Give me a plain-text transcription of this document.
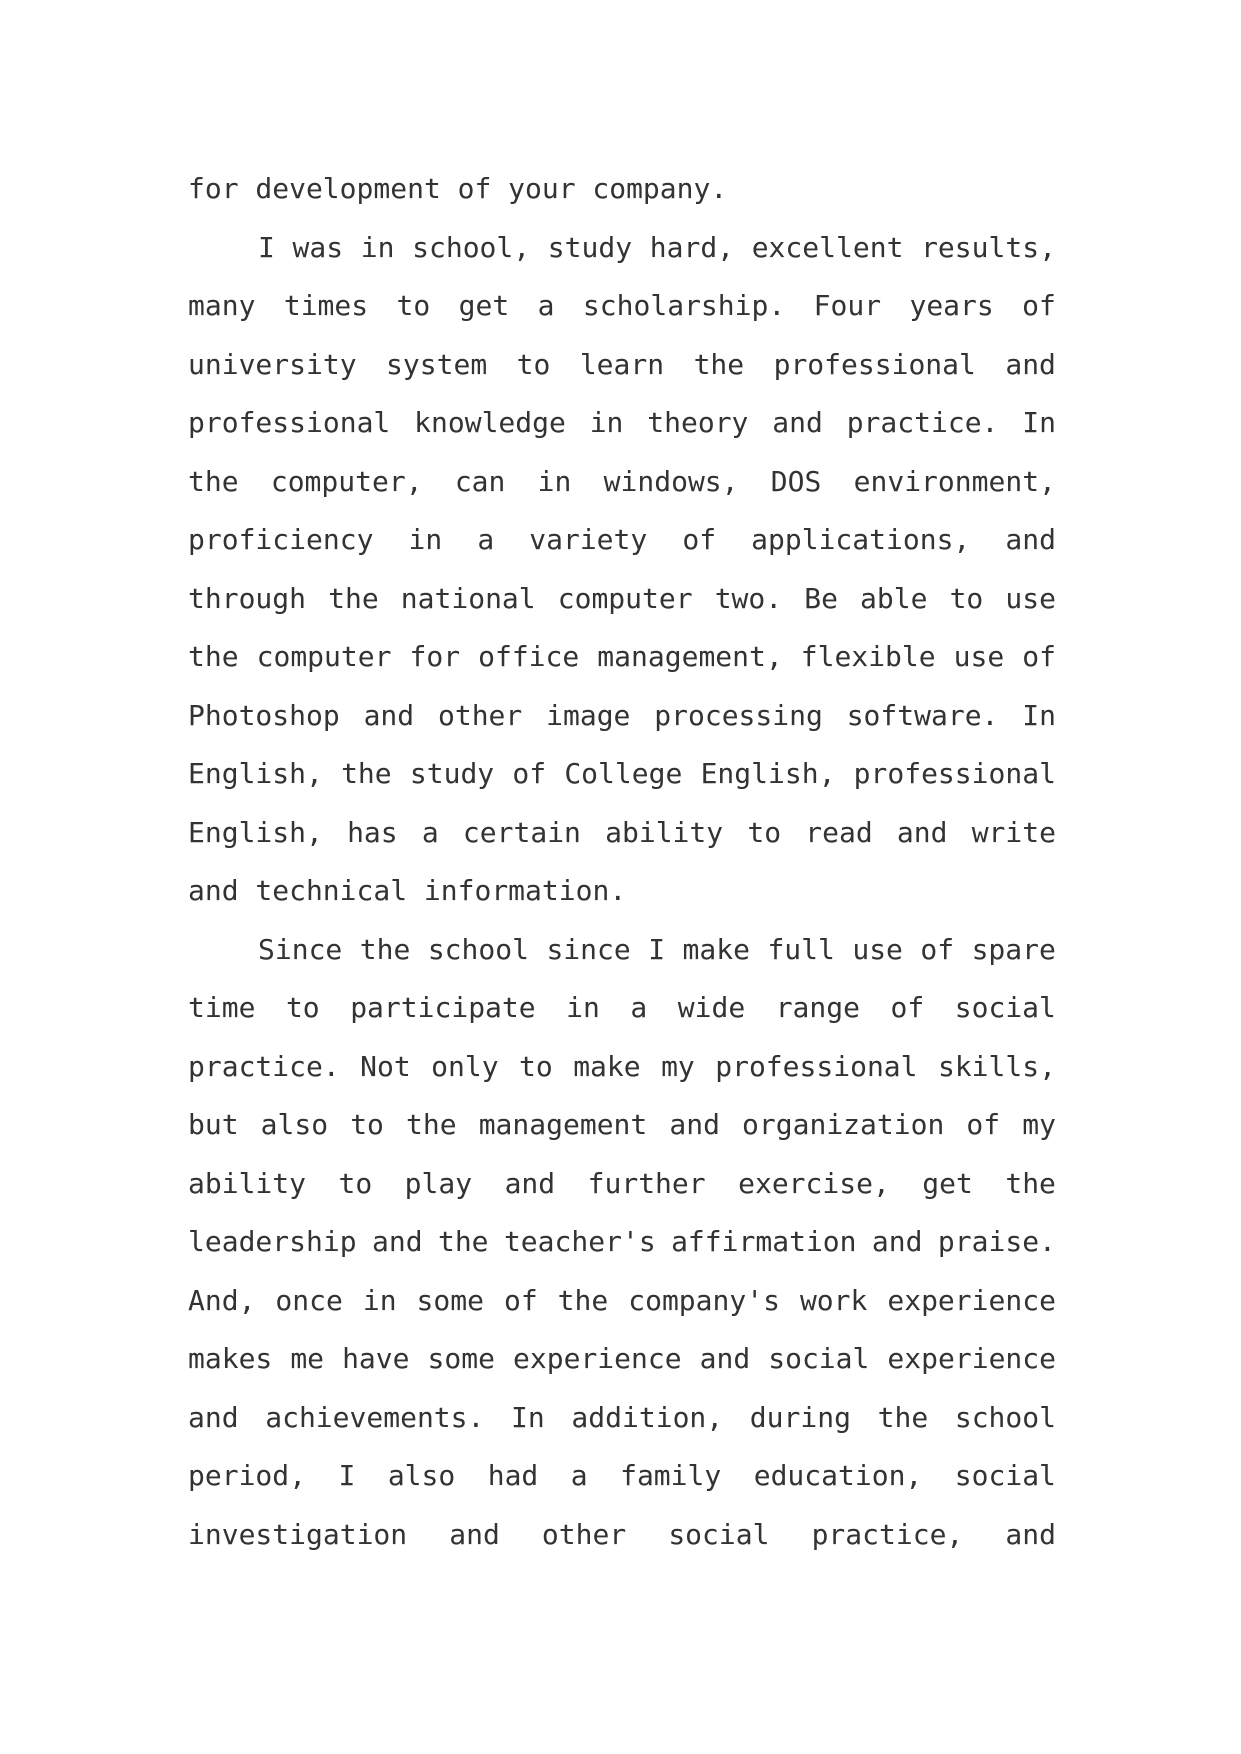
for development of your company.
I was in school, study hard, excellent results,
many times to get a scholarship. Four years of
university system to learn the professional and
professional knowledge in theory and practice. In
the computer, can in windows, DOS environment,
proficiency in a variety of applications, and
through the national computer two. Be able to use
the computer for office management, flexible use of
Photoshop and other image processing software. In
English, the study of College English, professional
English, has a certain ability to read and write
and technical information.
Since the school since I make full use of spare
time to participate in a wide range of social
practice. Not only to make my professional skills,
but also to the management and organization of my
ability to play and further exercise, get the
leadership and the teacher's affirmation and praise.
And, once in some of the company's work experience
makes me have some experience and social experience
and achievements. In addition, during the school
period, I also had a family education, social
investigation and other social practice, and
